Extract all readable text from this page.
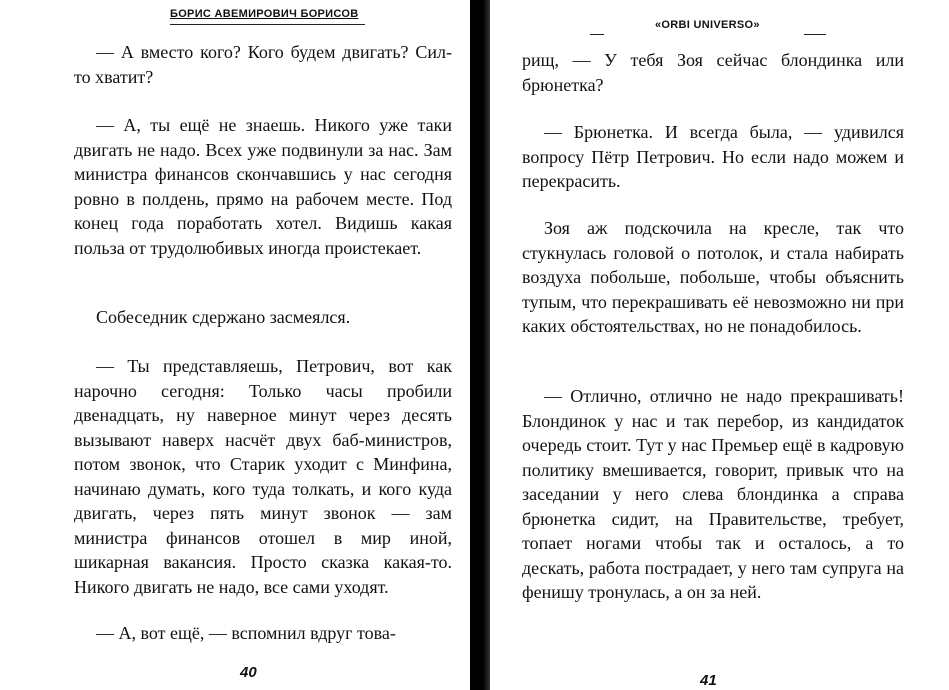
БОРИС АВЕМИРОВИЧ БОРИСОВ
— А вместо кого? Кого будем двигать? Сил-то хватит?
— А, ты ещё не знаешь. Никого уже таки двигать не надо. Всех уже подвинули за нас. Зам министра финансов скончавшись у нас сегодня ровно в полдень, прямо на рабочем месте. Под конец года поработать хотел. Видишь какая польза от трудолюбивых иногда проистекает.
Собеседник сдержано засмеялся.
— Ты представляешь, Петрович, вот как нарочно сегодня: Только часы пробили двенадцать, ну наверное минут через десять вызывают наверх насчёт двух баб-министров, потом звонок, что Старик уходит с Минфина, начинаю думать, кого туда толкать, и кого куда двигать, через пять минут звонок — зам министра финансов отошел в мир иной, шикарная вакансия. Просто сказка какая-то. Никого двигать не надо, все сами уходят.
— А, вот ещё, — вспомнил вдруг това-
40
«ORBI UNIVERSO»
рищ, — У тебя Зоя сейчас блондинка или брюнетка?
— Брюнетка. И всегда была, — удивился вопросу Пётр Петрович. Но если надо можем и перекрасить.
Зоя аж подскочила на кресле, так что стукнулась головой о потолок, и стала набирать воздуха побольше, побольше, чтобы объяснить тупым, что перекрашивать её невозможно ни при каких обстоятельствах, но не понадобилось.
— Отлично, отлично не надо прекрашивать! Блондинок у нас и так перебор, из кандидаток очередь стоит. Тут у нас Премьер ещё в кадровую политику вмешивается, говорит, привык что на заседании у него слева блондинка а справа брюнетка сидит, на Правительстве, требует, топает ногами чтобы так и осталось, а то дескать, работа пострадает, у него там супруга на фенишу тронулась, а он за ней.
41
